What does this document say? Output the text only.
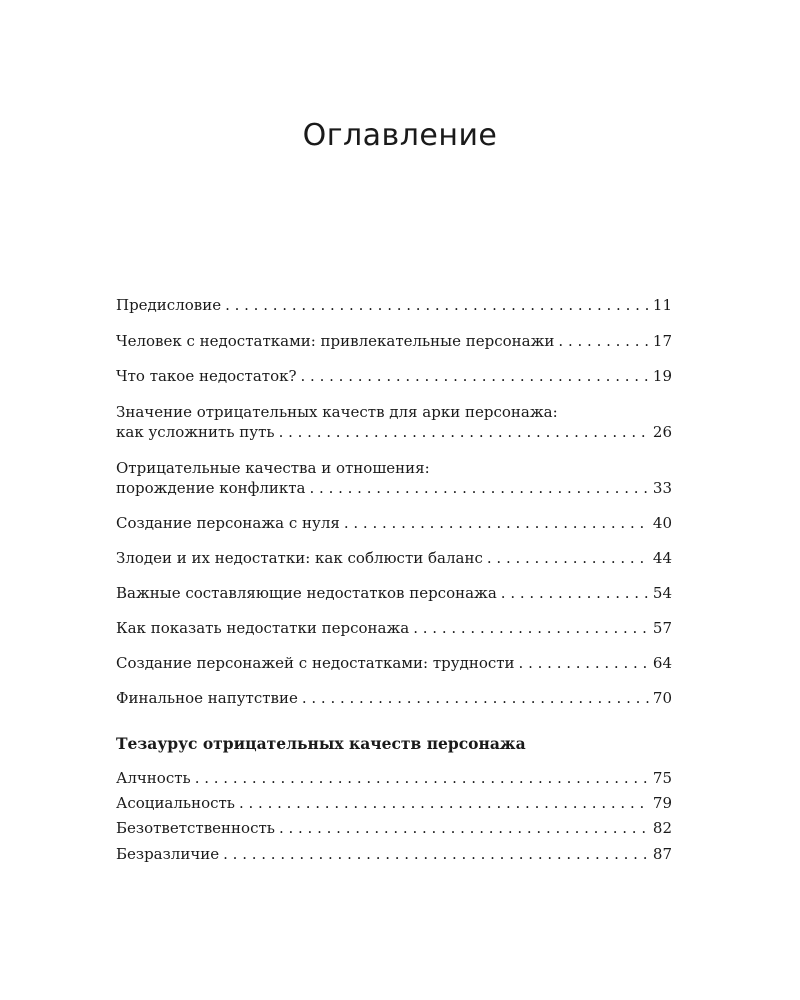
Оглавление
Предисловие . . .	11
Человек с недостатками: привлекательные персонажи . . .	17
Что такое недостаток? . . .	19
Значение отрицательных качеств для арки персонажа:
как усложнить путь . . .	26
Отрицательные качества и отношения:
порождение конфликта . . .	33
Создание персонажа с нуля . . .	40
Злодеи и их недостатки: как соблюсти баланс . . .	44
Важные составляющие недостатков персонажа . . .	54
Как показать недостатки персонажа . . .	57
Создание персонажей с недостатками: трудности . . .	64
Финальное напутствие . . .	70
Тезаурус отрицательных качеств персонажа
Алчность . . .	75
Асоциальность . . .	79
Безответственность . . .	82
Безразличие . . .	87
